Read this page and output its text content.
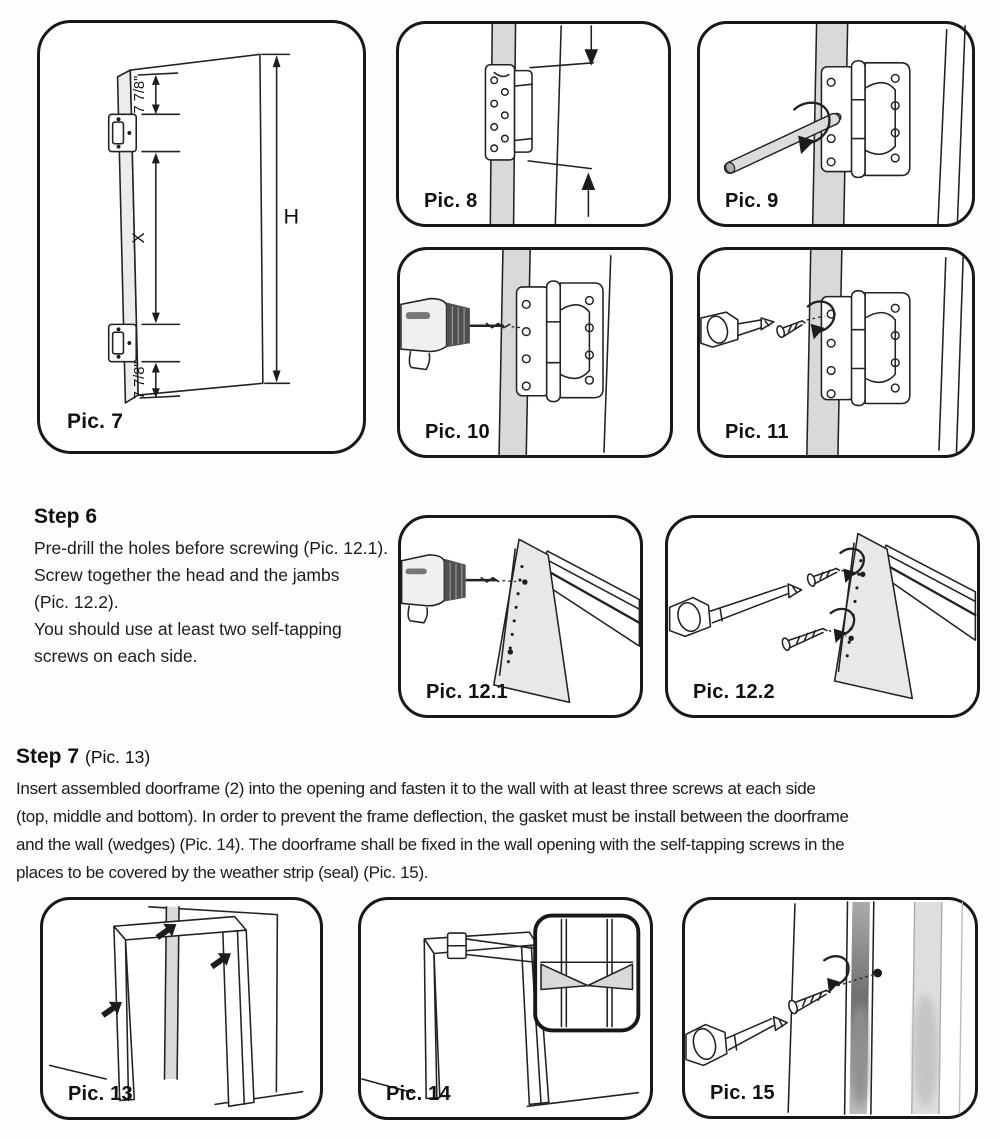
7 7/8"
X
7 7/8"
H
Pic. 7
Pic. 8	Pic. 9
Pic. 10	Pic. 11
Step 6
Pre-drill the holes before screwing (Pic. 12.1).
Screw together the head and the jambs
(Pic. 12.2).
You should use at least two self-tapping
screws on each side.
Pic. 12.1	Pic. 12.2
Step 7 (Pic. 13)
Insert assembled doorframe (2) into the opening and fasten it to the wall with at least three screws at each side
(top, middle and bottom). In order to prevent the frame deflection, the gasket must be install between the doorframe
and the wall (wedges) (Pic. 14). The doorframe shall be fixed in the wall opening with the self-tapping screws in the
places to be covered by the weather strip (seal) (Pic. 15).
Pic. 13	Pic. 14	Pic. 15
